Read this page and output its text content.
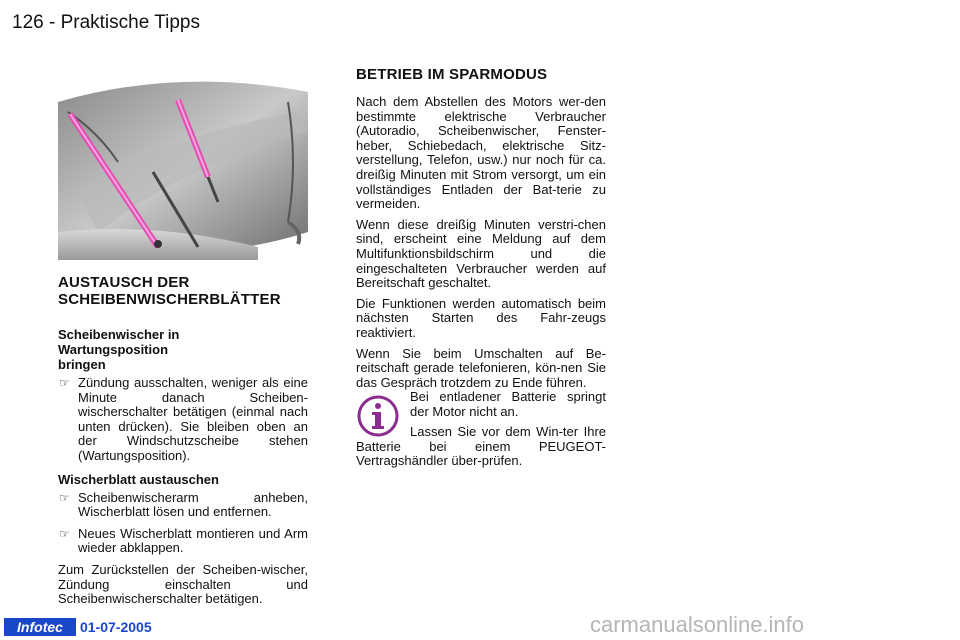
126 - Praktische Tipps
AUSTAUSCH DER SCHEIBENWISCHERBLÄTTER
Scheibenwischer in Wartungsposition bringen
☞ Zündung ausschalten, weniger als eine Minute danach Scheiben-wischerschalter betätigen (einmal nach unten drücken). Sie bleiben oben an der Windschutzscheibe stehen (Wartungsposition).
Wischerblatt austauschen
☞ Scheibenwischerarm anheben, Wischerblatt lösen und entfernen.
☞ Neues Wischerblatt montieren und Arm wieder abklappen.
Zum Zurückstellen der Scheiben-wischer, Zündung einschalten und Scheibenwischerschalter betätigen.
BETRIEB IM SPARMODUS
Nach dem Abstellen des Motors wer-den bestimmte elektrische Verbraucher (Autoradio, Scheibenwischer, Fenster-heber, Schiebedach, elektrische Sitz-verstellung, Telefon, usw.) nur noch für ca. dreißig Minuten mit Strom versorgt, um ein vollständiges Entladen der Bat-terie zu vermeiden.
Wenn diese dreißig Minuten verstri-chen sind, erscheint eine Meldung auf dem Multifunktionsbildschirm und die eingeschalteten Verbraucher werden auf Bereitschaft geschaltet.
Die Funktionen werden automatisch beim nächsten Starten des Fahr-zeugs reaktiviert.
Wenn Sie beim Umschalten auf Be-reitschaft gerade telefonieren, kön-nen Sie das Gespräch trotzdem zu Ende führen.
Bei entladener Batterie springt der Motor nicht an.
Lassen Sie vor dem Win-ter Ihre Batterie bei einem PEUGEOT-Vertragshändler über-prüfen.
Infotec	01-07-2005	carmanualsonline.info
